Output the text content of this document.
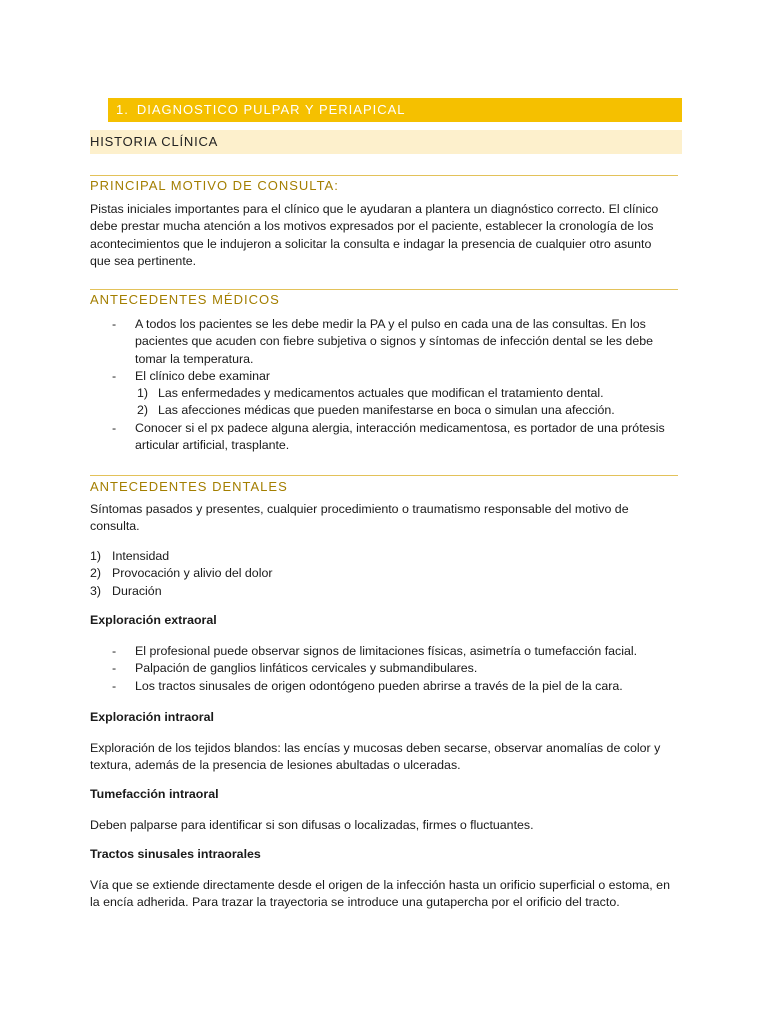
1. DIAGNOSTICO PULPAR Y PERIAPICAL
HISTORIA CLÍNICA
PRINCIPAL MOTIVO DE CONSULTA:
Pistas iniciales importantes para el clínico que le ayudaran a plantera un diagnóstico correcto. El clínico
debe prestar mucha atención a los motivos expresados por el paciente, establecer la cronología de los
acontecimientos que le indujeron a solicitar la consulta e indagar la presencia de cualquier otro asunto
que sea pertinente.
ANTECEDENTES MÉDICOS
- A todos los pacientes se les debe medir la PA y el pulso en cada una de las consultas. En los
pacientes que acuden con fiebre subjetiva o signos y síntomas de infección dental se les debe
tomar la temperatura.
- El clínico debe examinar
1) Las enfermedades y medicamentos actuales que modifican el tratamiento dental.
2) Las afecciones médicas que pueden manifestarse en boca o simulan una afección.
- Conocer si el px padece alguna alergia, interacción medicamentosa, es portador de una prótesis
articular artificial, trasplante.
ANTECEDENTES DENTALES
Síntomas pasados y presentes, cualquier procedimiento o traumatismo responsable del motivo de
consulta.
1) Intensidad
2) Provocación y alivio del dolor
3) Duración
Exploración extraoral
- El profesional puede observar signos de limitaciones físicas, asimetría o tumefacción facial.
- Palpación de ganglios linfáticos cervicales y submandibulares.
- Los tractos sinusales de origen odontógeno pueden abrirse a través de la piel de la cara.
Exploración intraoral
Exploración de los tejidos blandos: las encías y mucosas deben secarse, observar anomalías de color y
textura, además de la presencia de lesiones abultadas o ulceradas.
Tumefacción intraoral
Deben palparse para identificar si son difusas o localizadas, firmes o fluctuantes.
Tractos sinusales intraorales
Vía que se extiende directamente desde el origen de la infección hasta un orificio superficial o estoma, en
la encía adherida. Para trazar la trayectoria se introduce una gutapercha por el orificio del tracto.
